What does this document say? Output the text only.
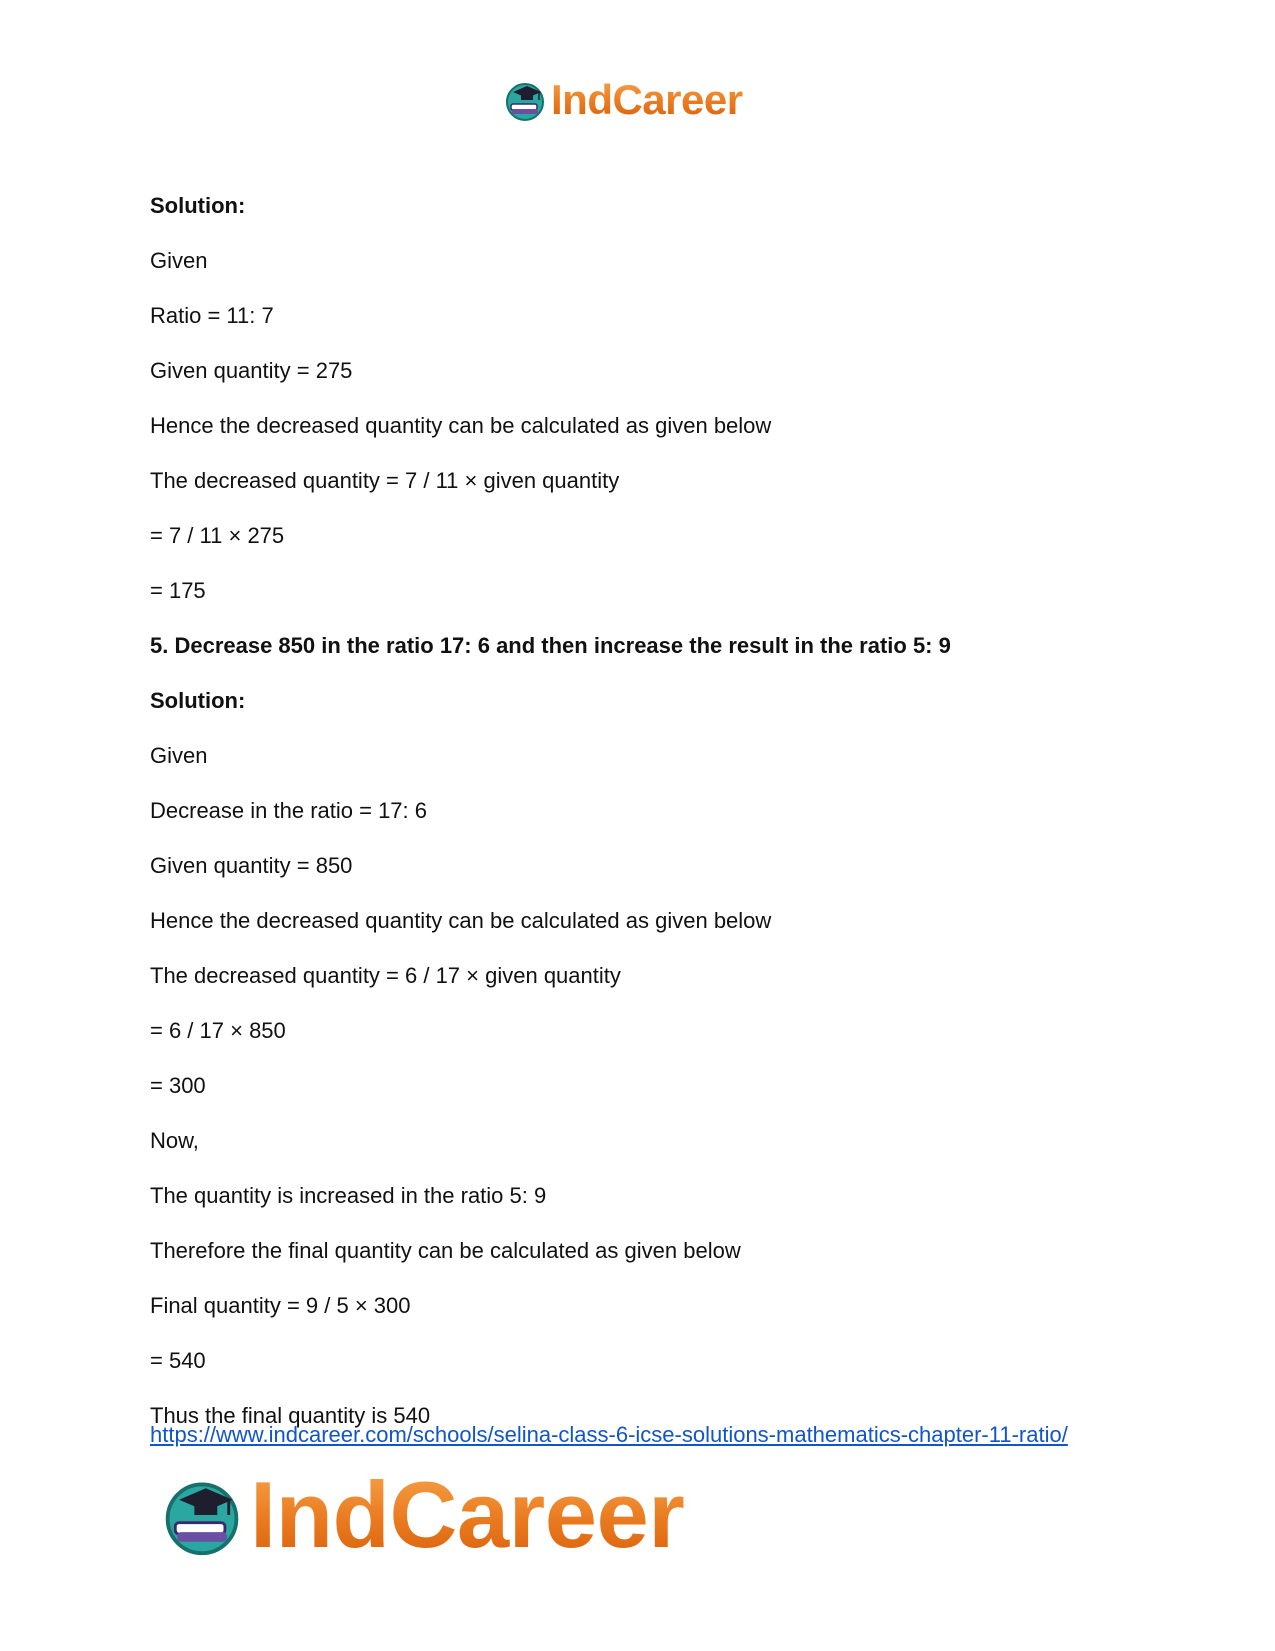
IndCareer
Solution:
Given
Ratio = 11: 7
Given quantity = 275
Hence the decreased quantity can be calculated as given below
The decreased quantity = 7 / 11 × given quantity
= 7 / 11 × 275
= 175
5. Decrease 850 in the ratio 17: 6 and then increase the result in the ratio 5: 9
Solution:
Given
Decrease in the ratio = 17: 6
Given quantity = 850
Hence the decreased quantity can be calculated as given below
The decreased quantity = 6 / 17 × given quantity
= 6 / 17 × 850
= 300
Now,
The quantity is increased in the ratio 5: 9
Therefore the final quantity can be calculated as given below
Final quantity = 9 / 5 × 300
= 540
Thus the final quantity is 540
https://www.indcareer.com/schools/selina-class-6-icse-solutions-mathematics-chapter-11-ratio/
IndCareer
